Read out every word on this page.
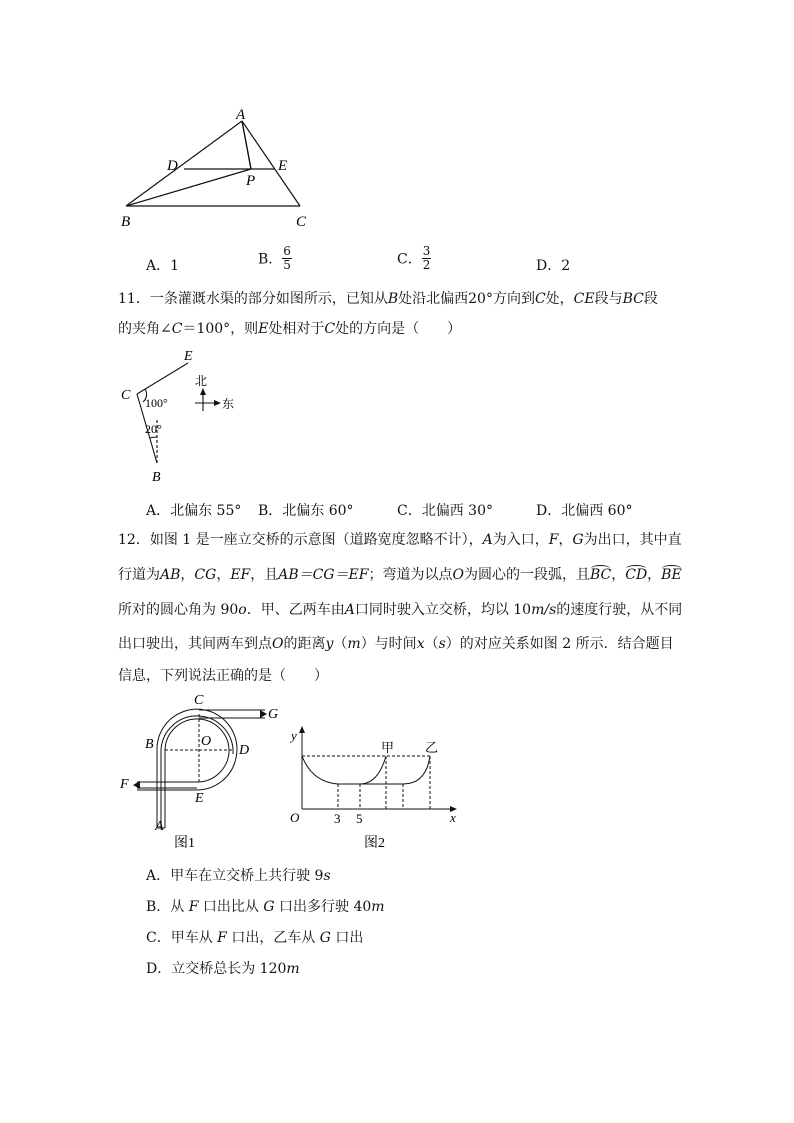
A
D	E
P
B	C
A．1	B． $\frac{6}{5}$	C． $\frac{3}{2}$	D．2
11．一条灌溉水渠的部分如图所示，已知从B处沿北偏西20°方向到C处，CE段与BC段
的夹角∠C＝100°，则E处相对于C处的方向是（　　）
E
C 100°
20°
B
北
东
A．北偏东 55° B．北偏东 60°	C．北偏西 30°	D．北偏西 60°
12．如图 1 是一座立交桥的示意图（道路宽度忽略不计），A为入口，F，G为出口，其中直
行道为AB，CG，EF，且AB＝CG＝EF；弯道为以点O为圆心的一段弧，且BC，CD，BE
所对的圆心角为 90o．甲、乙两车由A口同时驶入立交桥，均以 10m/s的速度行驶，从不同
出口驶出，其间两车到点O的距离y（m）与时间x（s）的对应关系如图 2 所示．结合题目
信息，下列说法正确的是（　　）
C
G
B	O
D
F
E
A
图1
y
x
O
甲 乙
3 5
图2
A．甲车在立交桥上共行驶 9s
B．从 F 口出比从 G 口出多行驶 40m
C．甲车从 F 口出，乙车从 G 口出
D．立交桥总长为 120m
